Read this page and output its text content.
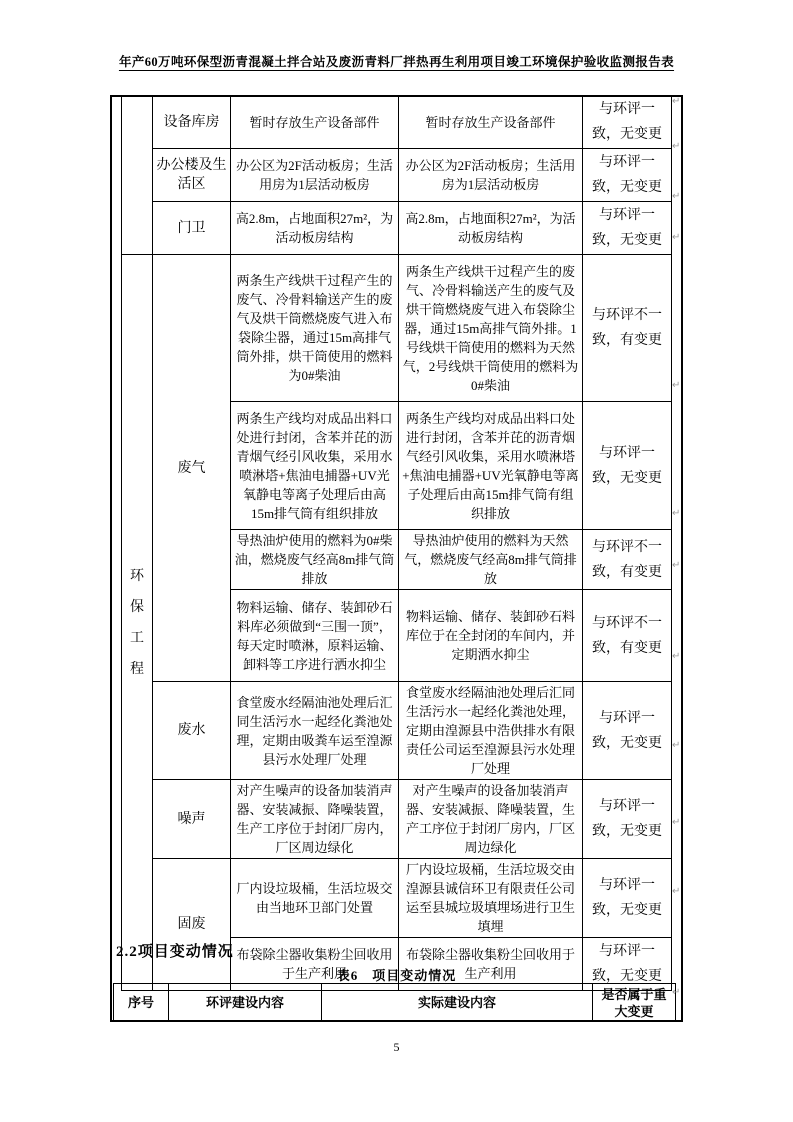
年产60万吨环保型沥青混凝土拌合站及废沥青料厂拌热再生利用项目竣工环境保护验收监测报告表
	设备库房	暂时存放生产设备部件	暂时存放生产设备部件	与环评一致，无变更
	办公楼及生活区	办公区为2F活动板房；生活用房为1层活动板房	办公区为2F活动板房；生活用房为1层活动板房	与环评一致，无变更
	门卫	高2.8m，占地面积27m²，为活动板房结构	高2.8m，占地面积27m²，为活动板房结构	与环评一致，无变更

环保工程	废气	两条生产线烘干过程产生的废气、冷骨料输送产生的废气及烘干筒燃烧废气进入布袋除尘器，通过15m高排气筒外排，烘干筒使用的燃料为0#柴油	两条生产线烘干过程产生的废气、冷骨料输送产生的废气及烘干筒燃烧废气进入布袋除尘器，通过15m高排气筒外排。1号线烘干筒使用的燃料为天然气，2号线烘干筒使用的燃料为0#柴油	与环评不一致，有变更
		两条生产线均对成品出料口处进行封闭，含苯并芘的沥青烟气经引风收集，采用水喷淋塔+焦油电捕器+UV光氧静电等离子处理后由高15m排气筒有组织排放	两条生产线均对成品出料口处进行封闭，含苯并芘的沥青烟气经引风收集，采用水喷淋塔+焦油电捕器+UV光氧静电等离子处理后由高15m排气筒有组织排放	与环评一致，无变更
		导热油炉使用的燃料为0#柴油，燃烧废气经高8m排气筒排放	导热油炉使用的燃料为天然气，燃烧废气经高8m排气筒排放	与环评不一致，有变更
		物料运输、储存、装卸砂石料库必须做到“三围一顶”，每天定时喷淋，原料运输、卸料等工序进行洒水抑尘	物料运输、储存、装卸砂石料库位于在全封闭的车间内，并定期洒水抑尘	与环评不一致，有变更
	废水	食堂废水经隔油池处理后汇同生活污水一起经化粪池处理，定期由吸粪车运至湟源县污水处理厂处理	食堂废水经隔油池处理后汇同生活污水一起经化粪池处理，定期由湟源县中浩供排水有限责任公司运至湟源县污水处理厂处理	与环评一致，无变更
	噪声	对产生噪声的设备加装消声器、安装减振、降噪装置，生产工序位于封闭厂房内，厂区周边绿化	对产生噪声的设备加装消声器、安装减振、降噪装置，生产工序位于封闭厂房内，厂区周边绿化	与环评一致，无变更
	固废	厂内设垃圾桶，生活垃圾交由当地环卫部门处置	厂内设垃圾桶，生活垃圾交由湟源县诚信环卫有限责任公司运至县城垃圾填埋场进行卫生填埋	与环评一致，无变更
		布袋除尘器收集粉尘回收用于生产利用	布袋除尘器收集粉尘回收用于生产利用	与环评一致，无变更
2.2项目变动情况
表6　项目变动情况
序号	环评建设内容	实际建设内容	是否属于重大变更
↵
↵
↵
↵
↵
↵
↵
↵
↵
↵
↵
↵
5
